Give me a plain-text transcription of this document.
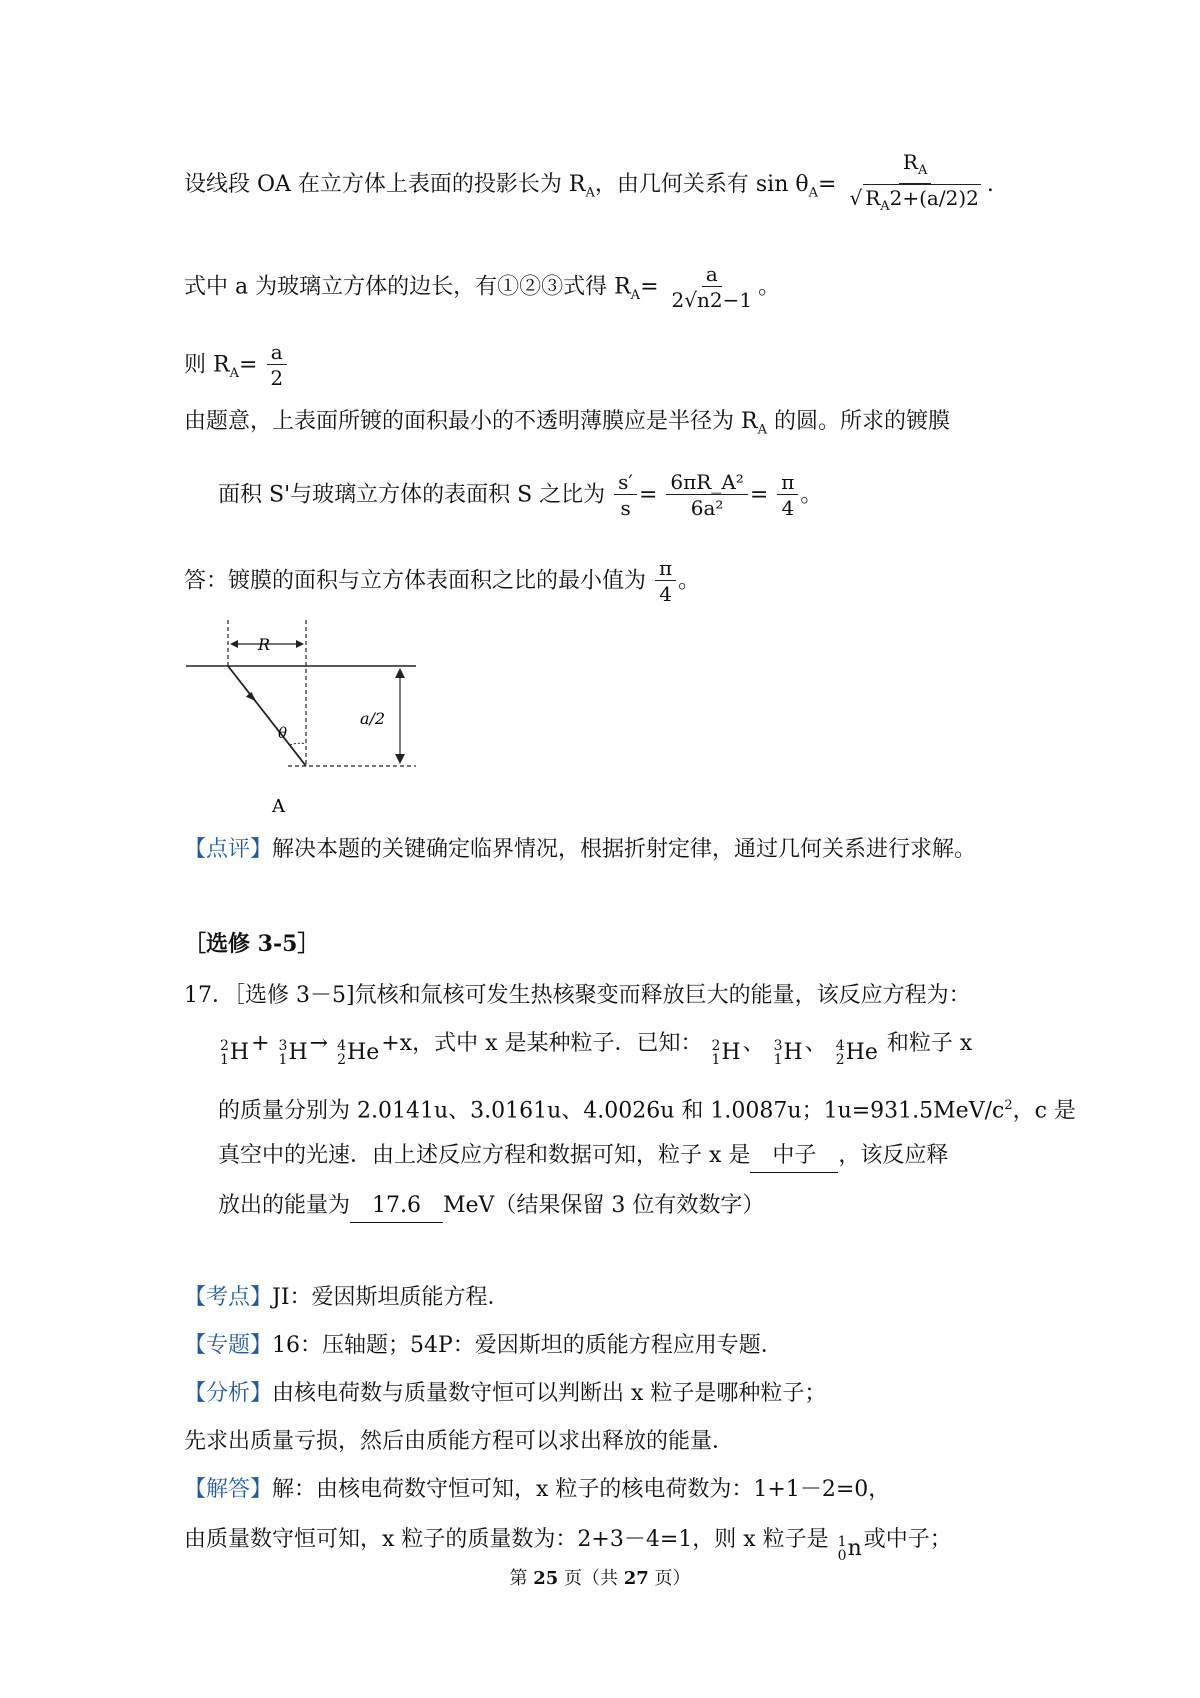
设线段 OA 在立方体上表面的投影长为 $R_A$，由几何关系有 $\sin \theta_A= \frac{R_A}{√ R_A2+(a/2)2}$ .
式中 a 为玻璃立方体的边长，有①②③式得 $R_A= \frac{a}{2√n2-1}$ 。
则 $R_A= \frac{a}{2}$
由题意，上表面所镀的面积最小的不透明薄膜应是半径为 $R_A$ 的圆。所求的镀膜
面积 S'与玻璃立方体的表面积 S 之比为 $\frac{s'}{s} = \frac{\text{6πR\_A²}}{\text{6a²}} = \frac{\pi}{4}$ 。
答：镀膜的面积与立方体表面积之比的最小值为 $\frac{\pi}{4}$ 。
R
θ
a/2
A
【点评】解决本题的关键确定临界情况，根据折射定律，通过几何关系进行求解。
［选修 3-5］
17．［选修 3－5]氘核和氚核可发生热核聚变而释放巨大的能量，该反应方程为：
2
1 H + 3
1 H → 4
2 He +x，式中 x 是某种粒子．已知： 2
1 H 、 3
1 H 、 4
2 He 和粒子 x
的质量分别为 2.0141u、3.0161u、4.0026u 和 1.0087u；$1u=931.5MeV/c^2$，c 是
真空中的光速．由上述反应方程和数据可知，粒子 x 是 中子 ，该反应释
放出的能量为 17.6 MeV（结果保留 3 位有效数字）
【考点】JI：爱因斯坦质能方程．
【专题】16：压轴题；54P：爱因斯坦的质能方程应用专题．
【分析】由核电荷数与质量数守恒可以判断出 x 粒子是哪种粒子；
先求出质量亏损，然后由质能方程可以求出释放的能量．
【解答】解：由核电荷数守恒可知，x 粒子的核电荷数为：1+1－2=0，
由质量数守恒可知，x 粒子的质量数为：2+3－4=1，则 x 粒子是 1
0 n 或中子；
第 25 页（共 27 页）
